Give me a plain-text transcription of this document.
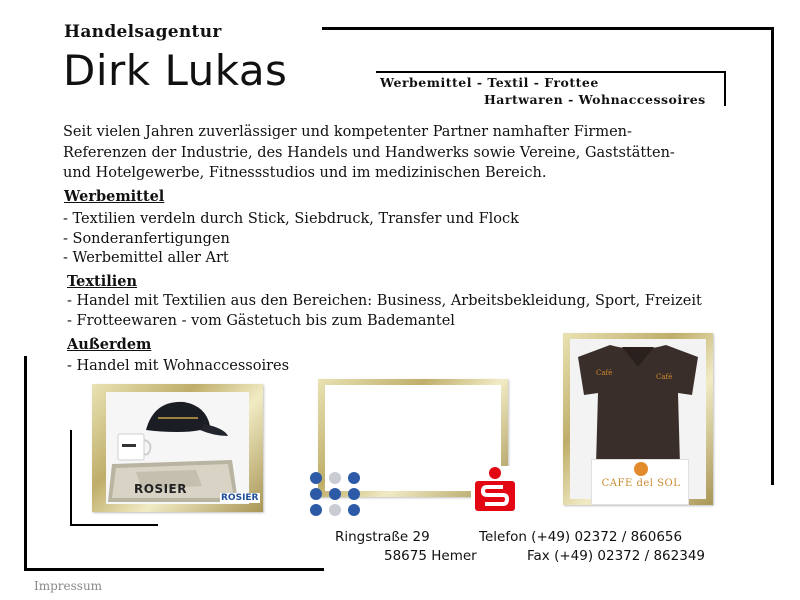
Handelsagentur
Dirk Lukas	Werbemittel - Textil - Frottee
Hartwaren - Wohnaccessoires
Seit vielen Jahren zuverlässiger und kompetenter Partner namhafter Firmen-
Referenzen der Industrie, des Handels und Handwerks sowie Vereine, Gaststätten-
und Hotelgewerbe, Fitnessstudios und im medizinischen Bereich.
Werbemittel
- Textilien verdeln durch Stick, Siebdruck, Transfer und Flock
- Sonderanfertigungen
- Werbemittel aller Art
Textilien
- Handel mit Textilien aus den Bereichen: Business, Arbeitsbekleidung, Sport, Freizeit
- Frotteewaren - vom Gästetuch bis zum Bademantel
Außerdem
- Handel mit Wohnaccessoires
ROSIER
ROSIER
Café	Café
CAFE del SOL
Ringstraße 29
58675 Hemer
Telefon (+49) 02372 / 860656
Fax (+49) 02372 / 862349
Impressum
